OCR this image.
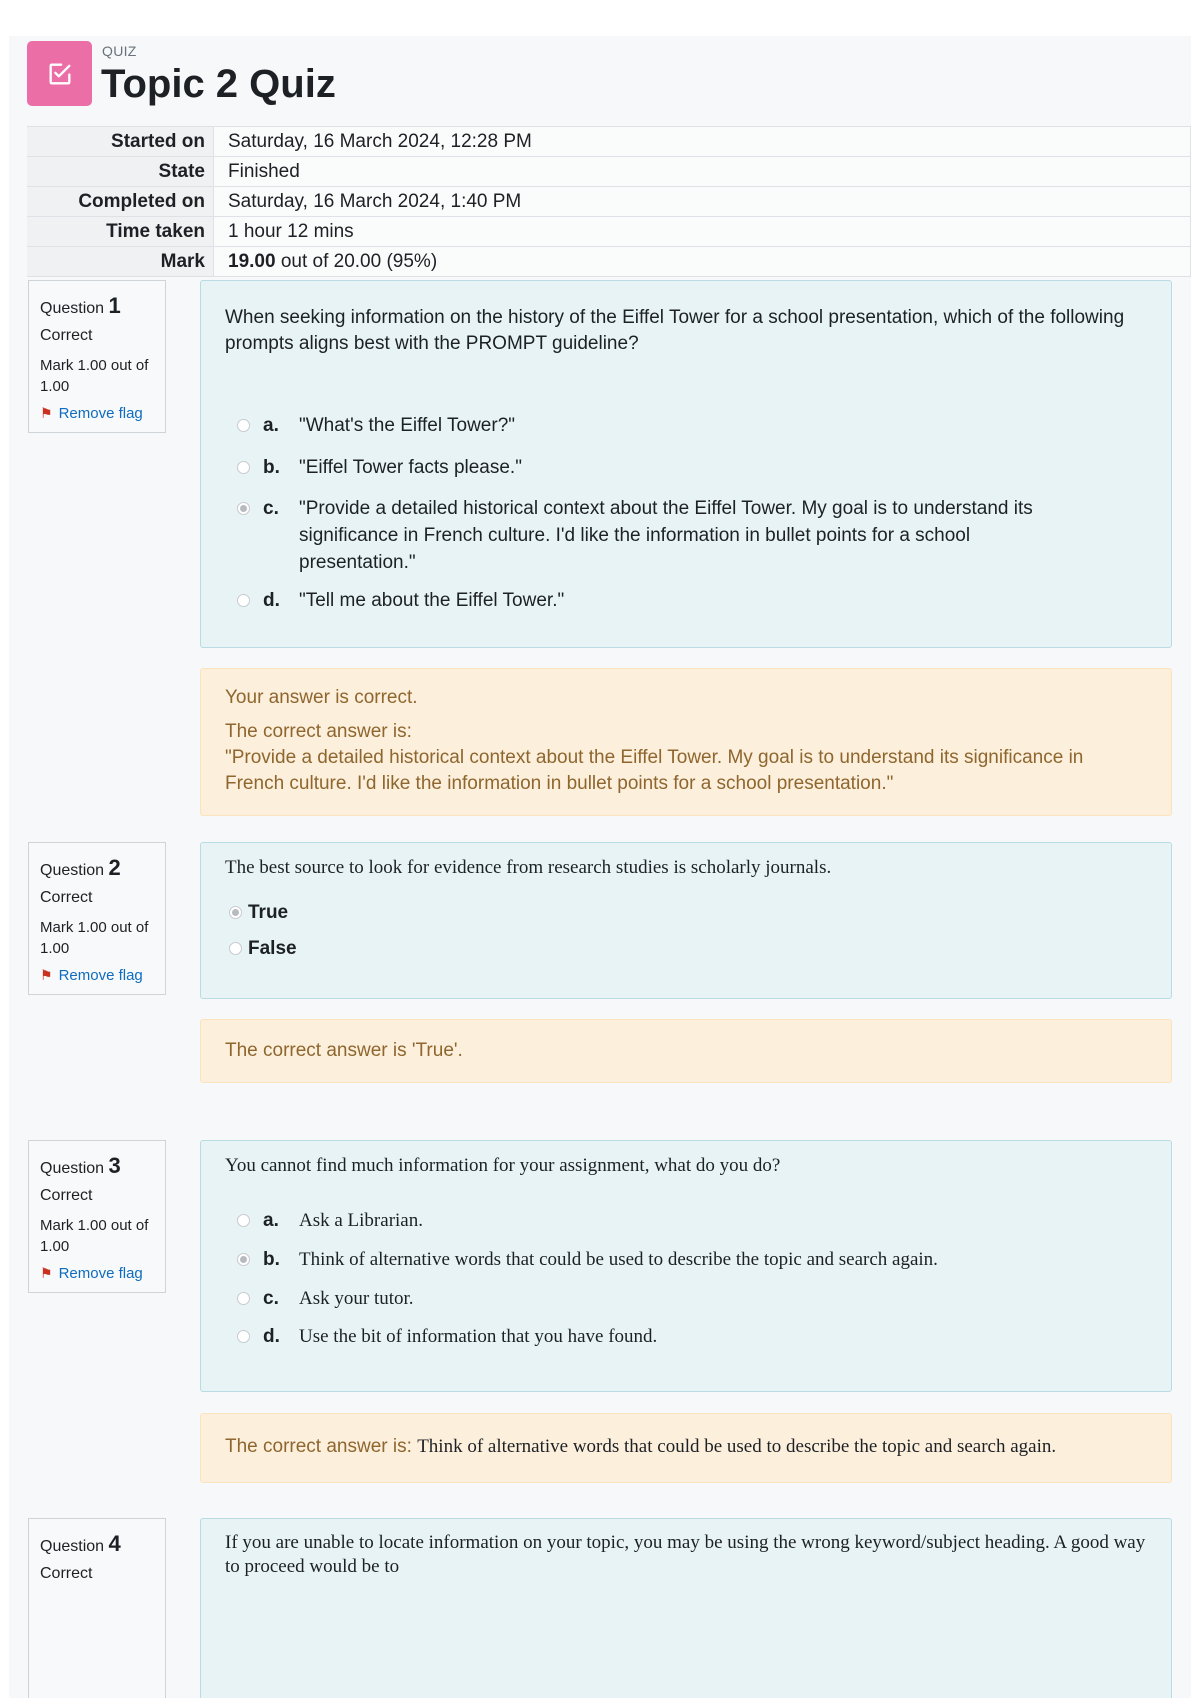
QUIZ
Topic 2 Quiz
Started on	Saturday, 16 March 2024, 12:28 PM
State	Finished
Completed on	Saturday, 16 March 2024, 1:40 PM
Time taken	1 hour 12 mins
Mark	19.00 out of 20.00 (95%)
Question 1
Correct
Mark 1.00 out of 1.00
⚑ Remove flag
When seeking information on the history of the Eiffel Tower for a school presentation, which of the following prompts aligns best with the PROMPT guideline?
a. "What's the Eiffel Tower?"
b. "Eiffel Tower facts please."
c. "Provide a detailed historical context about the Eiffel Tower. My goal is to understand its significance in French culture. I'd like the information in bullet points for a school presentation."
d. "Tell me about the Eiffel Tower."
Your answer is correct.
The correct answer is:
"Provide a detailed historical context about the Eiffel Tower. My goal is to understand its significance in French culture. I'd like the information in bullet points for a school presentation."
Question 2
Correct
Mark 1.00 out of 1.00
⚑ Remove flag
The best source to look for evidence from research studies is scholarly journals.
True
False
The correct answer is 'True'.
Question 3
Correct
Mark 1.00 out of 1.00
⚑ Remove flag
You cannot find much information for your assignment, what do you do?
a. Ask a Librarian.
b. Think of alternative words that could be used to describe the topic and search again.
c. Ask your tutor.
d. Use the bit of information that you have found.
The correct answer is: Think of alternative words that could be used to describe the topic and search again.
Question 4
Correct
If you are unable to locate information on your topic, you may be using the wrong keyword/subject heading. A good way to proceed would be to
